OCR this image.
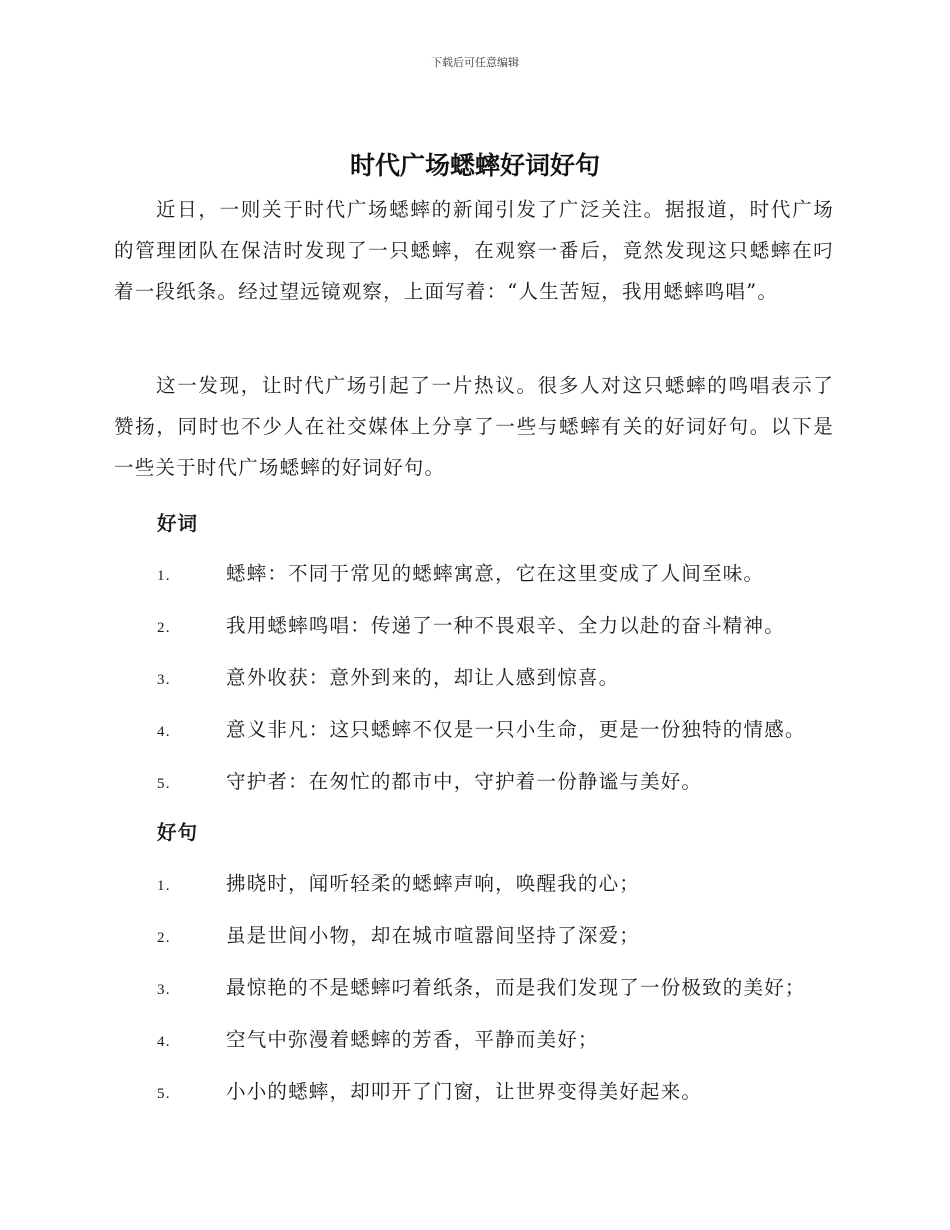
下载后可任意编辑
时代广场蟋蟀好词好句

近日，一则关于时代广场蟋蟀的新闻引发了广泛关注。据报道，时代广场的管理团队在保洁时发现了一只蟋蟀，在观察一番后，竟然发现这只蟋蟀在叼着一段纸条。经过望远镜观察，上面写着：“人生苦短，我用蟋蟀鸣唱”。

这一发现，让时代广场引起了一片热议。很多人对这只蟋蟀的鸣唱表示了赞扬，同时也不少人在社交媒体上分享了一些与蟋蟀有关的好词好句。以下是一些关于时代广场蟋蟀的好词好句。

好词
1.	蟋蟀：不同于常见的蟋蟀寓意，它在这里变成了人间至味。
2.	我用蟋蟀鸣唱：传递了一种不畏艰辛、全力以赴的奋斗精神。
3.	意外收获：意外到来的，却让人感到惊喜。
4.	意义非凡：这只蟋蟀不仅是一只小生命，更是一份独特的情感。
5.	守护者：在匆忙的都市中，守护着一份静谧与美好。
好句
1.	拂晓时，闻听轻柔的蟋蟀声响，唤醒我的心；
2.	虽是世间小物，却在城市喧嚣间坚持了深爱；
3.	最惊艳的不是蟋蟀叼着纸条，而是我们发现了一份极致的美好；
4.	空气中弥漫着蟋蟀的芳香，平静而美好；
5.	小小的蟋蟀，却叩开了门窗，让世界变得美好起来。
